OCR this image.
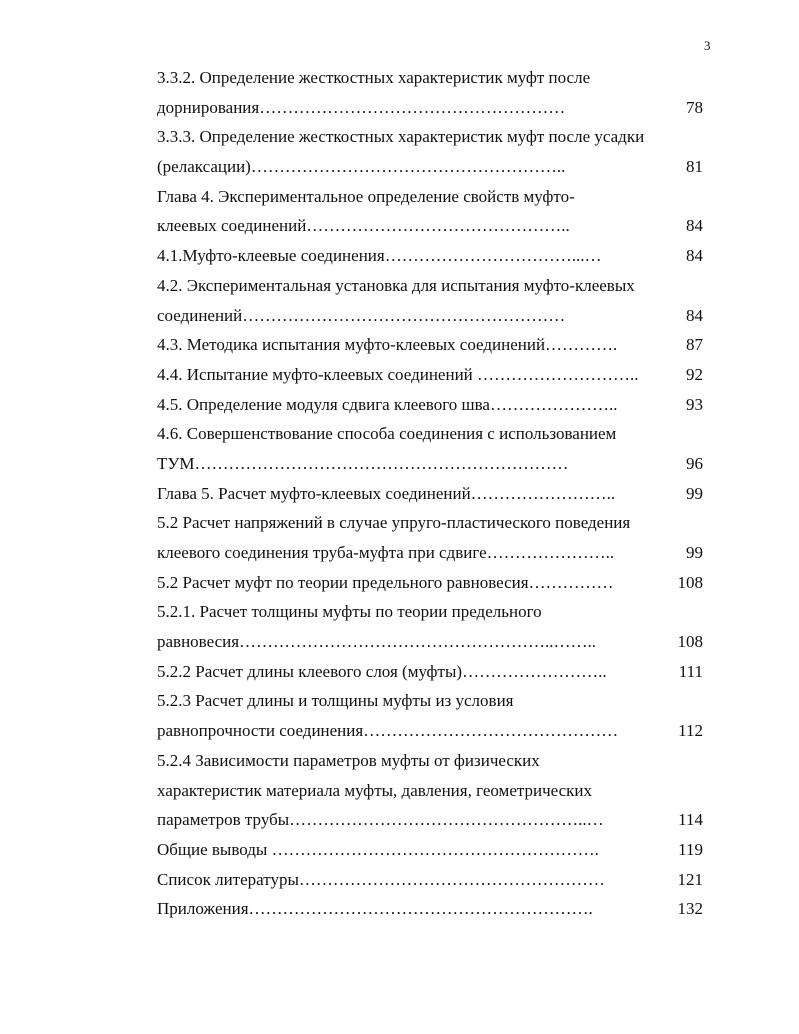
3
3.3.2. Определение жесткостных характеристик муфт после
дорнирования………………………………………………	78
3.3.3. Определение жесткостных характеристик муфт после усадки
(релаксации)………………………………………………..	81
Глава 4. Экспериментальное определение свойств муфто-
клеевых соединений………………………………………..	84
4.1.Муфто-клеевые соединения……………………………...…	84
4.2. Экспериментальная установка для испытания муфто-клеевых
соединений…………………………………………………	84
4.3. Методика испытания муфто-клеевых соединений………….	87
4.4. Испытание муфто-клеевых соединений ………………………..	92
4.5. Определение модуля сдвига клеевого шва…………………..	93
4.6. Совершенствование способа соединения с использованием
ТУМ…………………………………………………………	96
Глава 5. Расчет муфто-клеевых соединений……………………..	99
5.2 Расчет напряжений в случае упруго-пластического поведения
клеевого соединения труба-муфта при сдвиге…………………..	99
5.2 Расчет муфт по теории предельного равновесия……………	108
5.2.1. Расчет толщины муфты по теории предельного
равновесия………………………………………………..……..	108
5.2.2 Расчет длины клеевого слоя (муфты)……………………..	111
5.2.3 Расчет длины и толщины муфты из условия
равнопрочности соединения………………………………………	112
5.2.4 Зависимости параметров муфты от физических
характеристик материала муфты, давления, геометрических
параметров трубы……………………………………………..…	114
Общие выводы ………………………………………………….	119
Список литературы………………………………………………	121
Приложения…………………………………………………….	132
